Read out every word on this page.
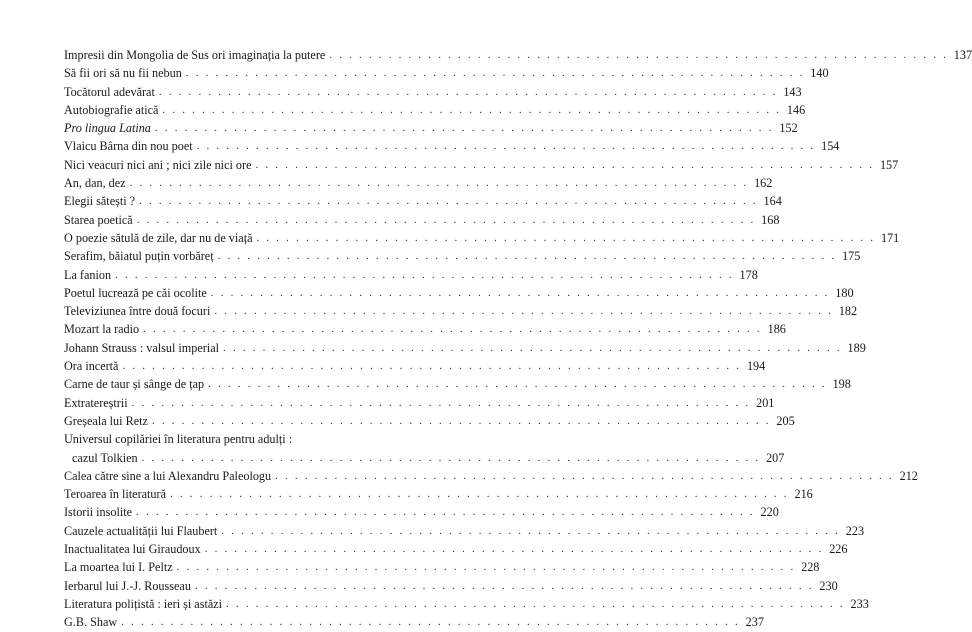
Impresii din Mongolia de Sus ori imaginația la putere . . . . . . . . . . . . . . . . . . . . . . . . . . . . . . . . . . . . . . . . . . . . . . . . . . . . . . . . . . . . . . . 137
Să fii ori să nu fii nebun . . . . . . . . . . . . . . . . . . . . . . . . . . . . . . . . . . . . . . . . . . . . . . . . . . . . . . . . . . . . . . . 140
Tocătorul adevărat . . . . . . . . . . . . . . . . . . . . . . . . . . . . . . . . . . . . . . . . . . . . . . . . . . . . . . . . . . . . . . . 143
Autobiografie atică . . . . . . . . . . . . . . . . . . . . . . . . . . . . . . . . . . . . . . . . . . . . . . . . . . . . . . . . . . . . . . . 146
Pro lingua Latina . . . . . . . . . . . . . . . . . . . . . . . . . . . . . . . . . . . . . . . . . . . . . . . . . . . . . . . . . . . . . . . 152
Vlaicu Bârna din nou poet . . . . . . . . . . . . . . . . . . . . . . . . . . . . . . . . . . . . . . . . . . . . . . . . . . . . . . . . . . . . . . . 154
Nici veacuri nici ani ; nici zile nici ore . . . . . . . . . . . . . . . . . . . . . . . . . . . . . . . . . . . . . . . . . . . . . . . . . . . . . . . . . . . . . . . 157
An, dan, dez . . . . . . . . . . . . . . . . . . . . . . . . . . . . . . . . . . . . . . . . . . . . . . . . . . . . . . . . . . . . . . . 162
Elegii sătești ? . . . . . . . . . . . . . . . . . . . . . . . . . . . . . . . . . . . . . . . . . . . . . . . . . . . . . . . . . . . . . . . 164
Starea poetică . . . . . . . . . . . . . . . . . . . . . . . . . . . . . . . . . . . . . . . . . . . . . . . . . . . . . . . . . . . . . . . 168
O poezie sătulă de zile, dar nu de viață . . . . . . . . . . . . . . . . . . . . . . . . . . . . . . . . . . . . . . . . . . . . . . . . . . . . . . . . . . . . . . . 171
Serafim, băiatul puțin vorbăreț . . . . . . . . . . . . . . . . . . . . . . . . . . . . . . . . . . . . . . . . . . . . . . . . . . . . . . . . . . . . . . . 175
La fanion . . . . . . . . . . . . . . . . . . . . . . . . . . . . . . . . . . . . . . . . . . . . . . . . . . . . . . . . . . . . . . . 178
Poetul lucrează pe căi ocolite . . . . . . . . . . . . . . . . . . . . . . . . . . . . . . . . . . . . . . . . . . . . . . . . . . . . . . . . . . . . . . . 180
Televiziunea între două focuri . . . . . . . . . . . . . . . . . . . . . . . . . . . . . . . . . . . . . . . . . . . . . . . . . . . . . . . . . . . . . . . 182
Mozart la radio . . . . . . . . . . . . . . . . . . . . . . . . . . . . . . . . . . . . . . . . . . . . . . . . . . . . . . . . . . . . . . . 186
Johann Strauss : valsul imperial . . . . . . . . . . . . . . . . . . . . . . . . . . . . . . . . . . . . . . . . . . . . . . . . . . . . . . . . . . . . . . . 189
Ora incertă . . . . . . . . . . . . . . . . . . . . . . . . . . . . . . . . . . . . . . . . . . . . . . . . . . . . . . . . . . . . . . . 194
Carne de taur și sânge de țap . . . . . . . . . . . . . . . . . . . . . . . . . . . . . . . . . . . . . . . . . . . . . . . . . . . . . . . . . . . . . . . 198
Extratereștrii . . . . . . . . . . . . . . . . . . . . . . . . . . . . . . . . . . . . . . . . . . . . . . . . . . . . . . . . . . . . . . . 201
Greșeala lui Retz . . . . . . . . . . . . . . . . . . . . . . . . . . . . . . . . . . . . . . . . . . . . . . . . . . . . . . . . . . . . . . . 205
Universul copilăriei în literatura pentru adulți :
cazul Tolkien . . . . . . . . . . . . . . . . . . . . . . . . . . . . . . . . . . . . . . . . . . . . . . . . . . . . . . . . . . . . . . . 207
Calea către sine a lui Alexandru Paleologu . . . . . . . . . . . . . . . . . . . . . . . . . . . . . . . . . . . . . . . . . . . . . . . . . . . . . . . . . . . . . . . 212
Teroarea în literatură . . . . . . . . . . . . . . . . . . . . . . . . . . . . . . . . . . . . . . . . . . . . . . . . . . . . . . . . . . . . . . . 216
Istorii insolite . . . . . . . . . . . . . . . . . . . . . . . . . . . . . . . . . . . . . . . . . . . . . . . . . . . . . . . . . . . . . . . 220
Cauzele actualității lui Flaubert . . . . . . . . . . . . . . . . . . . . . . . . . . . . . . . . . . . . . . . . . . . . . . . . . . . . . . . . . . . . . . . 223
Inactualitatea lui Giraudoux . . . . . . . . . . . . . . . . . . . . . . . . . . . . . . . . . . . . . . . . . . . . . . . . . . . . . . . . . . . . . . . 226
La moartea lui I. Peltz . . . . . . . . . . . . . . . . . . . . . . . . . . . . . . . . . . . . . . . . . . . . . . . . . . . . . . . . . . . . . . . 228
Ierbarul lui J.-J. Rousseau . . . . . . . . . . . . . . . . . . . . . . . . . . . . . . . . . . . . . . . . . . . . . . . . . . . . . . . . . . . . . . . 230
Literatura polițistă : ieri și astăzi . . . . . . . . . . . . . . . . . . . . . . . . . . . . . . . . . . . . . . . . . . . . . . . . . . . . . . . . . . . . . . . 233
G.B. Shaw . . . . . . . . . . . . . . . . . . . . . . . . . . . . . . . . . . . . . . . . . . . . . . . . . . . . . . . . . . . . . . . 237
